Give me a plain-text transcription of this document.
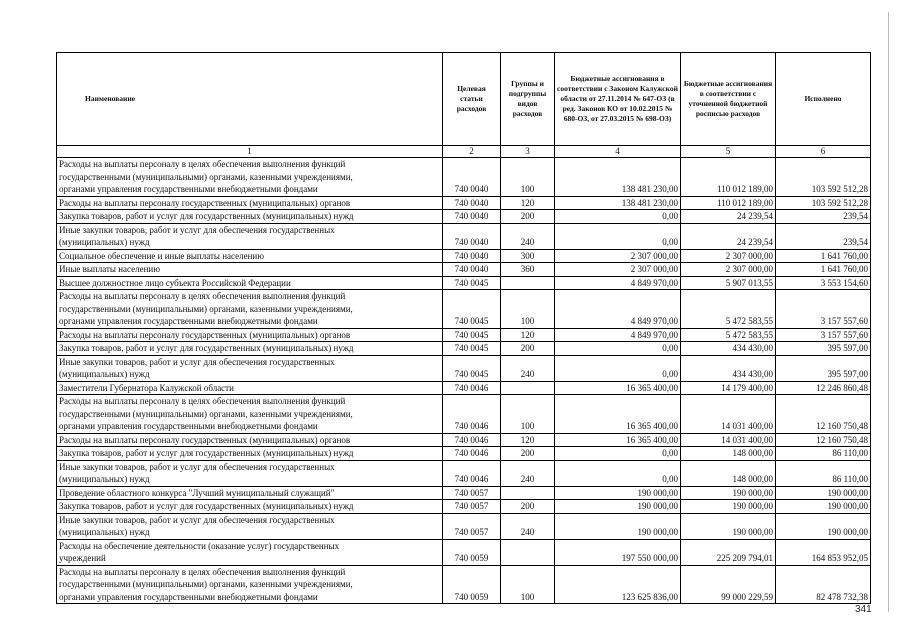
Наименование	Целевая статьи расходов	Группы и подгруппы видов расходов	Бюджетные ассигнования в соответствии с Законом Калужской области от 27.11.2014 № 647-ОЗ (в ред. Законов КО от 10.02.2015 № 680-ОЗ, от 27.03.2015 № 698-ОЗ)	Бюджетные ассигнования в соответствии с уточненной бюджетной росписью расходов	Исполнено
1	2	3	4	5	6
Расходы на выплаты персоналу в целях обеспечения выполнения функций
государственными (муниципальными) органами, казенными учреждениями,
органами управления государственными внебюджетными фондами	740 0040	100	138 481 230,00	110 012 189,00	103 592 512,28
Расходы на выплаты персоналу государственных (муниципальных) органов	740 0040	120	138 481 230,00	110 012 189,00	103 592 512,28
Закупка товаров, работ и услуг для государственных (муниципальных) нужд	740 0040	200	0,00	24 239,54	239,54
Иные закупки товаров, работ и услуг для обеспечения государственных
(муниципальных) нужд	740 0040	240	0,00	24 239,54	239,54
Социальное обеспечение и иные выплаты населению	740 0040	300	2 307 000,00	2 307 000,00	1 641 760,00
Иные выплаты населению	740 0040	360	2 307 000,00	2 307 000,00	1 641 760,00
Высшее должностное лицо субъекта Российской Федерации	740 0045		4 849 970,00	5 907 013,55	3 553 154,60
Расходы на выплаты персоналу в целях обеспечения выполнения функций
государственными (муниципальными) органами, казенными учреждениями,
органами управления государственными внебюджетными фондами	740 0045	100	4 849 970,00	5 472 583,55	3 157 557,60
Расходы на выплаты персоналу государственных (муниципальных) органов	740 0045	120	4 849 970,00	5 472 583,55	3 157 557,60
Закупка товаров, работ и услуг для государственных (муниципальных) нужд	740 0045	200	0,00	434 430,00	395 597,00
Иные закупки товаров, работ и услуг для обеспечения государственных
(муниципальных) нужд	740 0045	240	0,00	434 430,00	395 597,00
Заместители Губернатора Калужской области	740 0046		16 365 400,00	14 179 400,00	12 246 860,48
Расходы на выплаты персоналу в целях обеспечения выполнения функций
государственными (муниципальными) органами, казенными учреждениями,
органами управления государственными внебюджетными фондами	740 0046	100	16 365 400,00	14 031 400,00	12 160 750,48
Расходы на выплаты персоналу государственных (муниципальных) органов	740 0046	120	16 365 400,00	14 031 400,00	12 160 750,48
Закупка товаров, работ и услуг для государственных (муниципальных) нужд	740 0046	200	0,00	148 000,00	86 110,00
Иные закупки товаров, работ и услуг для обеспечения государственных
(муниципальных) нужд	740 0046	240	0,00	148 000,00	86 110,00
Проведение областного конкурса "Лучший муниципальный служащий"	740 0057		190 000,00	190 000,00	190 000,00
Закупка товаров, работ и услуг для государственных (муниципальных) нужд	740 0057	200	190 000,00	190 000,00	190 000,00
Иные закупки товаров, работ и услуг для обеспечения государственных
(муниципальных) нужд	740 0057	240	190 000,00	190 000,00	190 000,00
Расходы на обеспечение деятельности (оказание услуг) государственных
учреждений	740 0059		197 550 000,00	225 209 794,01	164 853 952,05
Расходы на выплаты персоналу в целях обеспечения выполнения функций
государственными (муниципальными) органами, казенными учреждениями,
органами управления государственными внебюджетными фондами	740 0059	100	123 625 836,00	99 000 229,59	82 478 732,38
341
